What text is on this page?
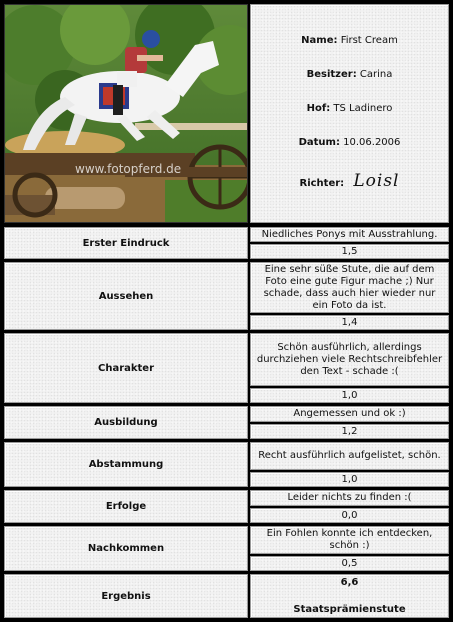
www.fotopferd.de
Name: First Cream
Besitzer: Carina
Hof: TS Ladinero
Datum: 10.06.2006
Richter: Loisl
Erster Eindruck
Niedliches Ponys mit Ausstrahlung.
1,5
Aussehen
Eine sehr süße Stute, die auf dem Foto eine gute Figur mache ;) Nur schade, dass auch hier wieder nur ein Foto da ist.
1,4
Charakter
Schön ausführlich, allerdings durchziehen viele Rechtschreibfehler den Text - schade :(
1,0
Ausbildung
Angemessen und ok :)
1,2
Abstammung
Recht ausführlich aufgelistet, schön.
1,0
Erfolge
Leider nichts zu finden :(
0,0
Nachkommen
Ein Fohlen konnte ich entdecken, schön :)
0,5
Ergebnis
6,6
Staatsprämienstute
